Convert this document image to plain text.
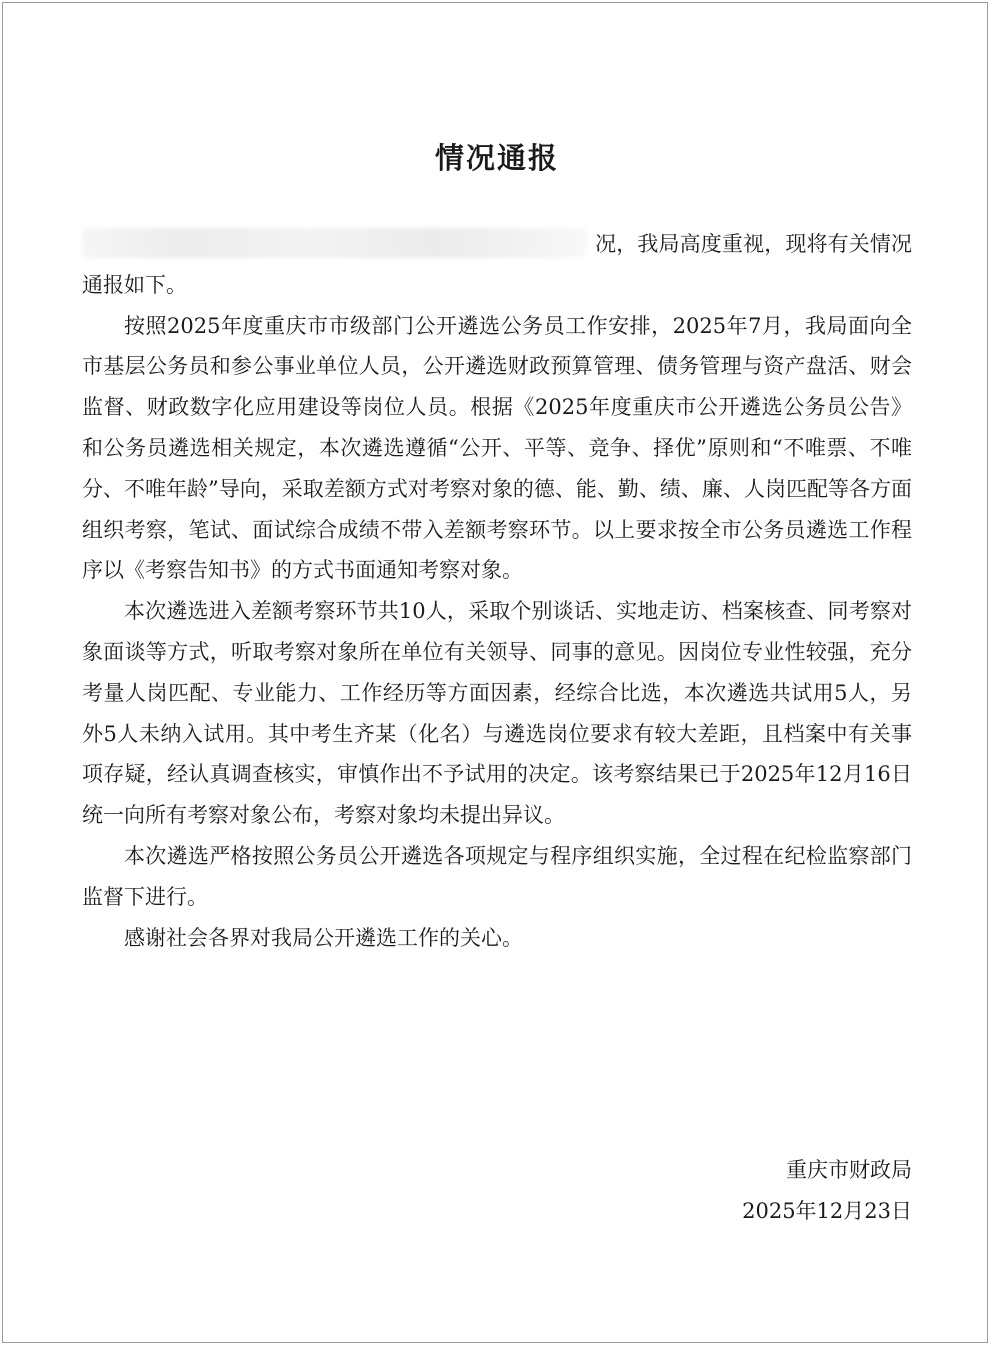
情况通报

况，我局高度重视，现将有关情况通报如下。

按照2025年度重庆市市级部门公开遴选公务员工作安排，2025年7月，我局面向全市基层公务员和参公事业单位人员，公开遴选财政预算管理、债务管理与资产盘活、财会监督、财政数字化应用建设等岗位人员。根据《2025年度重庆市公开遴选公务员公告》和公务员遴选相关规定，本次遴选遵循“公开、平等、竞争、择优”原则和“不唯票、不唯分、不唯年龄”导向，采取差额方式对考察对象的德、能、勤、绩、廉、人岗匹配等各方面组织考察，笔试、面试综合成绩不带入差额考察环节。以上要求按全市公务员遴选工作程序以《考察告知书》的方式书面通知考察对象。

本次遴选进入差额考察环节共10人，采取个别谈话、实地走访、档案核查、同考察对象面谈等方式，听取考察对象所在单位有关领导、同事的意见。因岗位专业性较强，充分考量人岗匹配、专业能力、工作经历等方面因素，经综合比选，本次遴选共试用5人，另外5人未纳入试用。其中考生齐某（化名）与遴选岗位要求有较大差距，且档案中有关事项存疑，经认真调查核实，审慎作出不予试用的决定。该考察结果已于2025年12月16日统一向所有考察对象公布，考察对象均未提出异议。

本次遴选严格按照公务员公开遴选各项规定与程序组织实施，全过程在纪检监察部门监督下进行。

感谢社会各界对我局公开遴选工作的关心。

重庆市财政局
2025年12月23日
